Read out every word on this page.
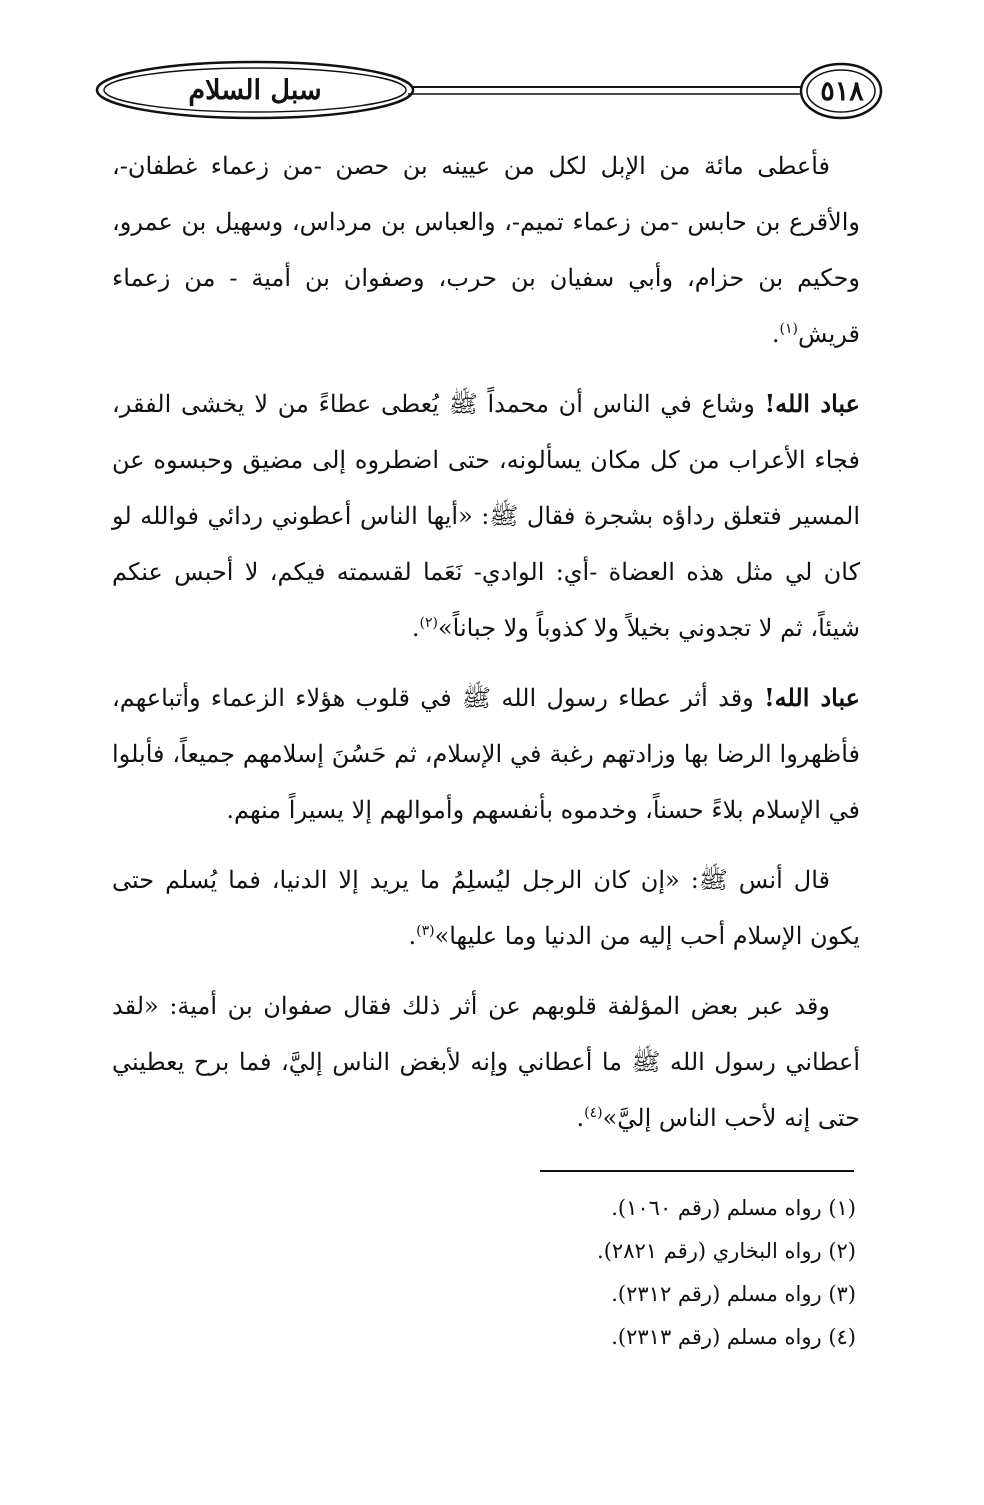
سبل السلام	٥١٨

فأعطى مائة من الإبل لكل من عيينه بن حصن -من زعماء غطفان-، والأقرع بن حابس -من زعماء تميم-، والعباس بن مرداس، وسهيل بن عمرو، وحكيم بن حزام، وأبي سفيان بن حرب، وصفوان بن أمية - من زعماء قريش$^{(١)}$.

عباد الله! وشاع في الناس أن محمداً ﷺ يُعطى عطاءً من لا يخشى الفقر، فجاء الأعراب من كل مكان يسألونه، حتى اضطروه إلى مضيق وحبسوه عن المسير فتعلق رداؤه بشجرة فقال ﷺ: «أيها الناس أعطوني ردائي فوالله لو كان لي مثل هذه العضاة -أي: الوادي- نَعَما لقسمته فيكم، لا أحبس عنكم شيئاً، ثم لا تجدوني بخيلاً ولا كذوباً ولا جباناً»$^{(٢)}$.

عباد الله! وقد أثر عطاء رسول الله ﷺ في قلوب هؤلاء الزعماء وأتباعهم، فأظهروا الرضا بها وزادتهم رغبة في الإسلام، ثم حَسُنَ إسلامهم جميعاً، فأبلوا في الإسلام بلاءً حسناً، وخدموه بأنفسهم وأموالهم إلا يسيراً منهم.

قال أنس ﷺ: «إن كان الرجل ليُسلِمُ ما يريد إلا الدنيا، فما يُسلم حتى يكون الإسلام أحب إليه من الدنيا وما عليها»$^{(٣)}$.

وقد عبر بعض المؤلفة قلوبهم عن أثر ذلك فقال صفوان بن أمية: «لقد أعطاني رسول الله ﷺ ما أعطاني وإنه لأبغض الناس إليَّ، فما برح يعطيني حتى إنه لأحب الناس إليَّ»$^{(٤)}$.

(١) رواه مسلم (رقم ١٠٦٠).

(٢) رواه البخاري (رقم ٢٨٢١).

(٣) رواه مسلم (رقم ٢٣١٢).

(٤) رواه مسلم (رقم ٢٣١٣).
